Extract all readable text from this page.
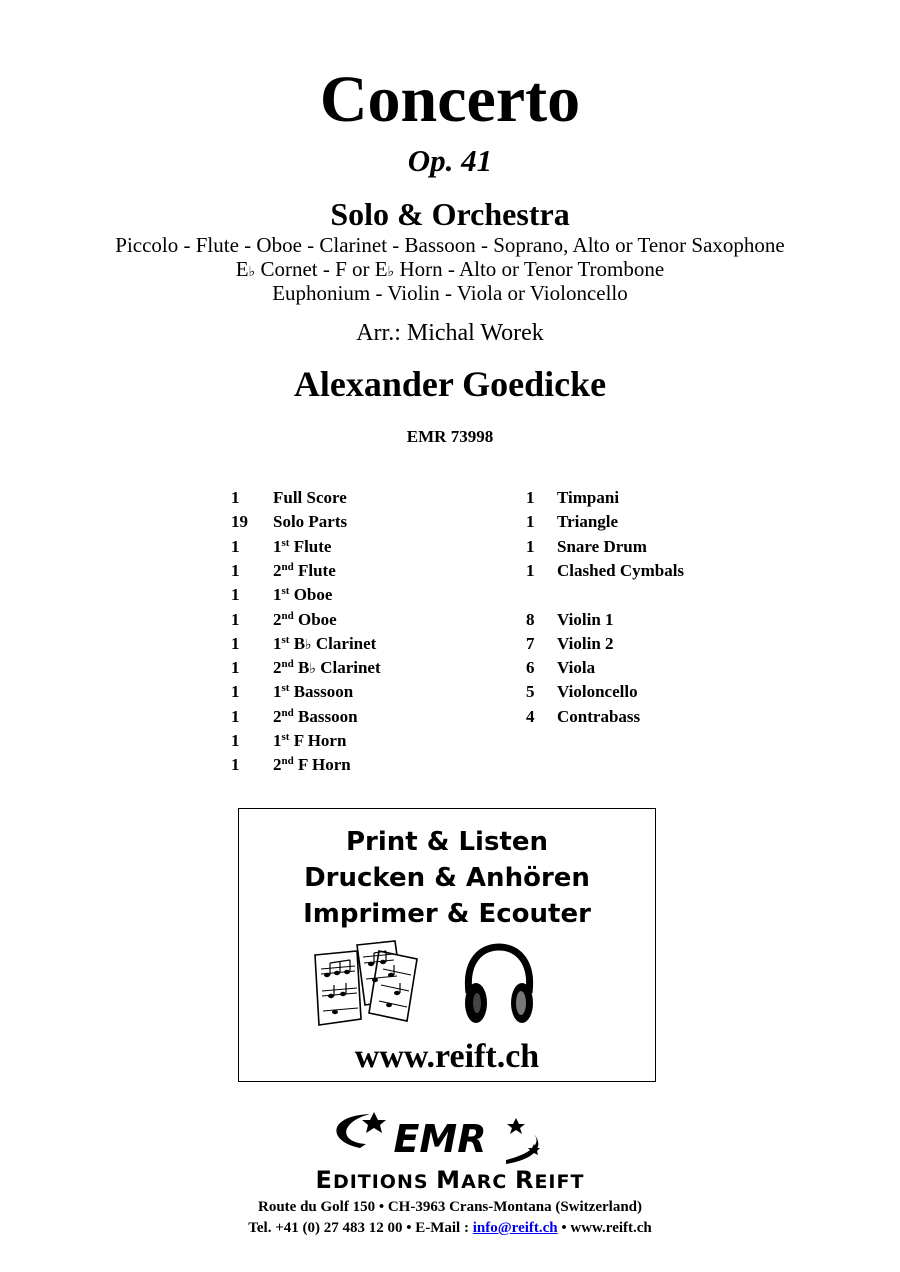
Concerto
Op. 41
Solo & Orchestra
Piccolo - Flute - Oboe - Clarinet - Bassoon - Soprano, Alto or Tenor Saxophone
E♭ Cornet - F or E♭ Horn - Alto or Tenor Trombone
Euphonium - Violin - Viola or Violoncello
Arr.: Michal Worek
Alexander Goedicke
EMR 73998
1 Full Score
19 Solo Parts
1 1st Flute
1 2nd Flute
1 1st Oboe
1 2nd Oboe
1 1st B♭ Clarinet
1 2nd B♭ Clarinet
1 1st Bassoon
1 2nd Bassoon
1 1st F Horn
1 2nd F Horn
1 Timpani
1 Triangle
1 Snare Drum
1 Clashed Cymbals
8 Violin 1
7 Violin 2
6 Viola
5 Violoncello
4 Contrabass
Print & Listen
Drucken & Anhören
Imprimer & Ecouter
www.reift.ch
EMR
EDITIONS MARC REIFT
Route du Golf 150 • CH-3963 Crans-Montana (Switzerland)
Tel. +41 (0) 27 483 12 00 • E-Mail : info@reift.ch • www.reift.ch
